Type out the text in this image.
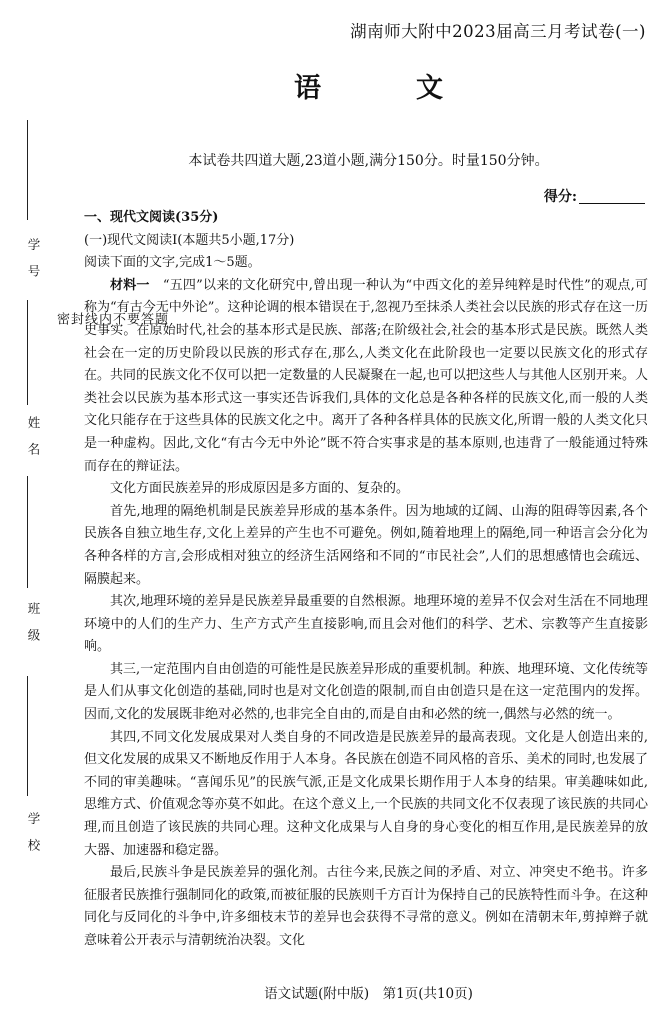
学号
姓名
班级
学校
题
答
要
不
内
线
封
密
湖南师大附中2023届高三月考试卷(一)
语　文
本试卷共四道大题,23道小题,满分150分。时量150分钟。
得分:

一、现代文阅读(35分)

(一)现代文阅读Ⅰ(本题共5小题,17分)

阅读下面的文字,完成1～5题。

材料一　 “五四”以来的文化研究中,曾出现一种认为“中西文化的差异纯粹是时代性”的观点,可称为“有古今无中外论”。这种论调的根本错误在于,忽视乃至抹杀人类社会以民族的形式存在这一历史事实。在原始时代,社会的基本形式是民族、部落;在阶级社会,社会的基本形式是民族。既然人类社会在一定的历史阶段以民族的形式存在,那么,人类文化在此阶段也一定要以民族文化的形式存在。共同的民族文化不仅可以把一定数量的人民凝聚在一起,也可以把这些人与其他人区别开来。人类社会以民族为基本形式这一事实还告诉我们,具体的文化总是各种各样的民族文化,而一般的人类文化只能存在于这些具体的民族文化之中。离开了各种各样具体的民族文化,所谓一般的人类文化只是一种虚构。因此,文化“有古今无中外论”既不符合实事求是的基本原则,也违背了一般能通过特殊而存在的辩证法。

文化方面民族差异的形成原因是多方面的、复杂的。

首先,地理的隔绝机制是民族差异形成的基本条件。因为地域的辽阔、山海的阻碍等因素,各个民族各自独立地生存,文化上差异的产生也不可避免。例如,随着地理上的隔绝,同一种语言会分化为各种各样的方言,会形成相对独立的经济生活网络和不同的“市民社会”,人们的思想感情也会疏远、隔膜起来。

其次,地理环境的差异是民族差异最重要的自然根源。地理环境的差异不仅会对生活在不同地理环境中的人们的生产力、生产方式产生直接影响,而且会对他们的科学、艺术、宗教等产生直接影响。

其三,一定范围内自由创造的可能性是民族差异形成的重要机制。种族、地理环境、文化传统等是人们从事文化创造的基础,同时也是对文化创造的限制,而自由创造只是在这一定范围内的发挥。因而,文化的发展既非绝对必然的,也非完全自由的,而是自由和必然的统一,偶然与必然的统一。

其四,不同文化发展成果对人类自身的不同改造是民族差异的最高表现。文化是人创造出来的,但文化发展的成果又不断地反作用于人本身。各民族在创造不同风格的音乐、美术的同时,也发展了不同的审美趣味。“喜闻乐见”的民族气派,正是文化成果长期作用于人本身的结果。审美趣味如此,思维方式、价值观念等亦莫不如此。在这个意义上,一个民族的共同文化不仅表现了该民族的共同心理,而且创造了该民族的共同心理。这种文化成果与人自身的身心变化的相互作用,是民族差异的放大器、加速器和稳定器。

最后,民族斗争是民族差异的强化剂。古往今来,民族之间的矛盾、对立、冲突史不绝书。许多征服者民族推行强制同化的政策,而被征服的民族则千方百计为保持自己的民族特性而斗争。在这种同化与反同化的斗争中,许多细枝末节的差异也会获得不寻常的意义。例如在清朝末年,剪掉辫子就意味着公开表示与清朝统治决裂。文化

语文试题(附中版)　第1页(共10页)
